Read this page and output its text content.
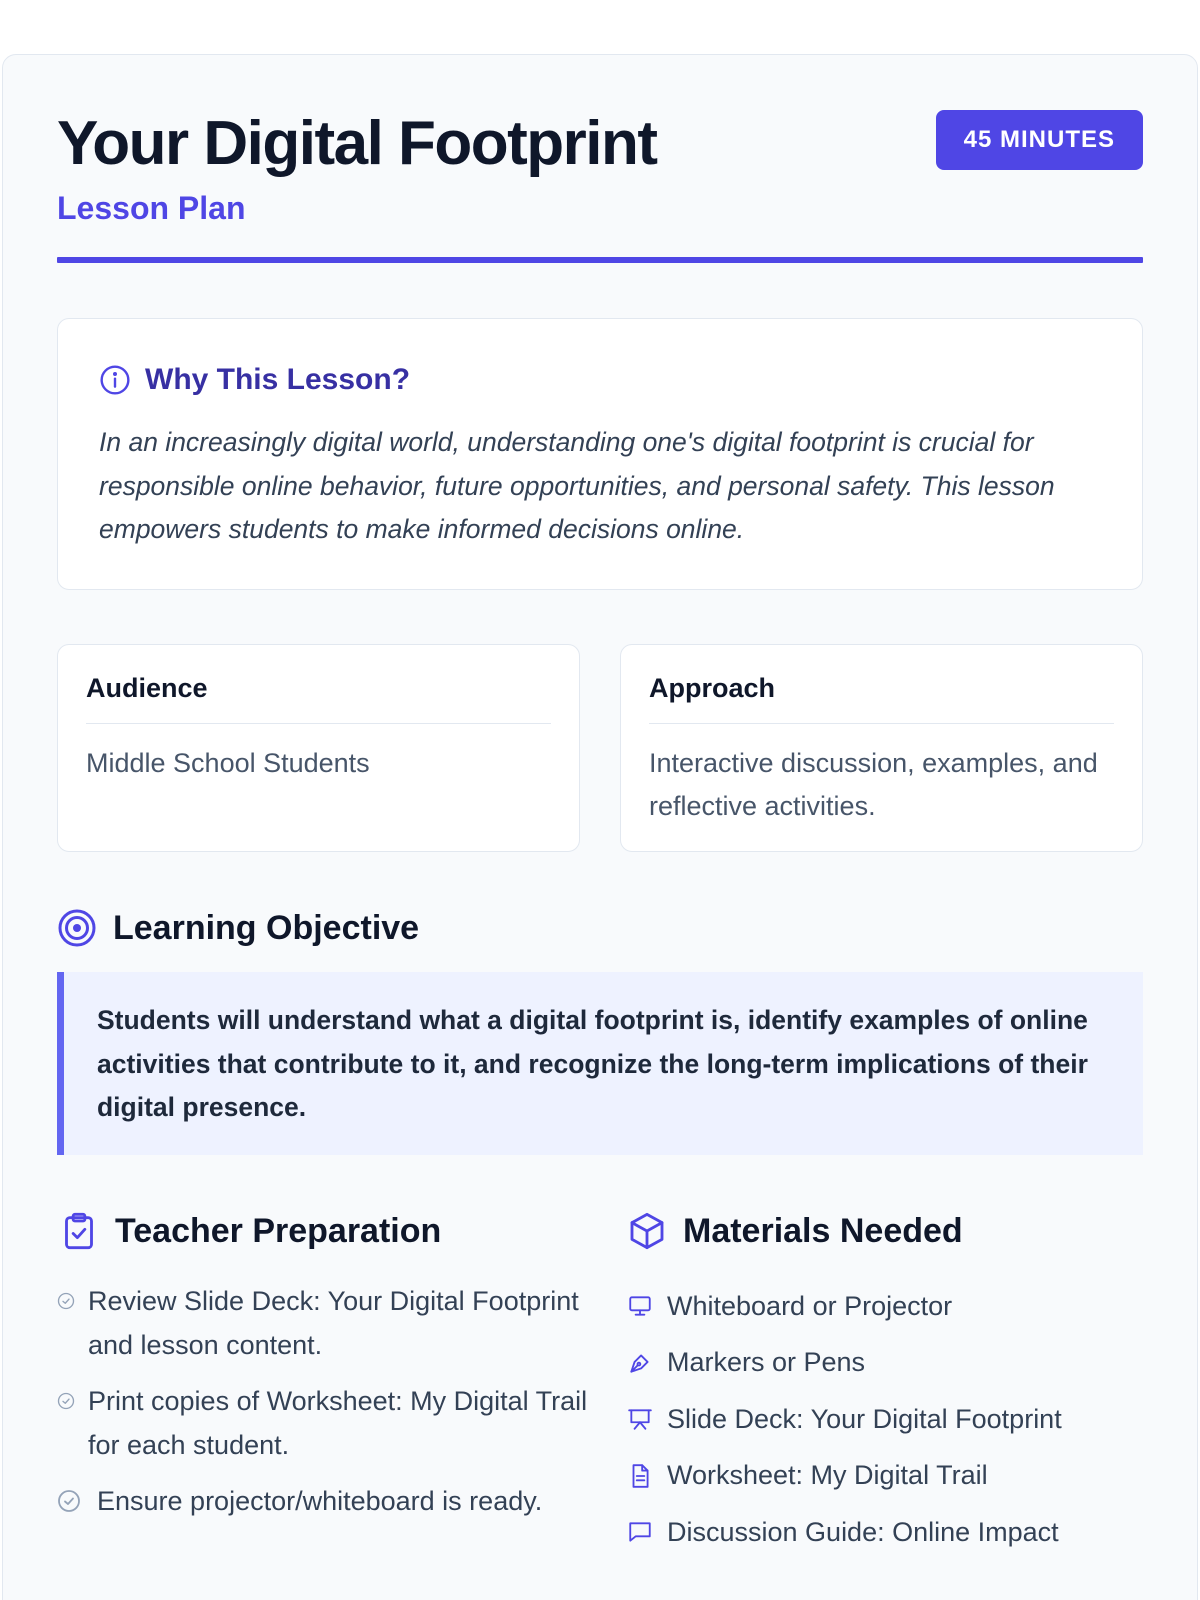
Your Digital Footprint
Lesson Plan
45 MINUTES
Why This Lesson?

In an increasingly digital world, understanding one's digital footprint is crucial for responsible online behavior, future opportunities, and personal safety. This lesson empowers students to make informed decisions online.

Audience
Middle School Students
Approach
Interactive discussion, examples, and reflective activities.
Learning Objective

Students will understand what a digital footprint is, identify examples of online activities that contribute to it, and recognize the long-term implications of their digital presence.

Teacher Preparation
Review Slide Deck: Your Digital Footprint and lesson content.
Print copies of Worksheet: My Digital Trail for each student.
Ensure projector/whiteboard is ready.
Materials Needed
Whiteboard or Projector
Markers or Pens
Slide Deck: Your Digital Footprint
Worksheet: My Digital Trail
Discussion Guide: Online Impact
